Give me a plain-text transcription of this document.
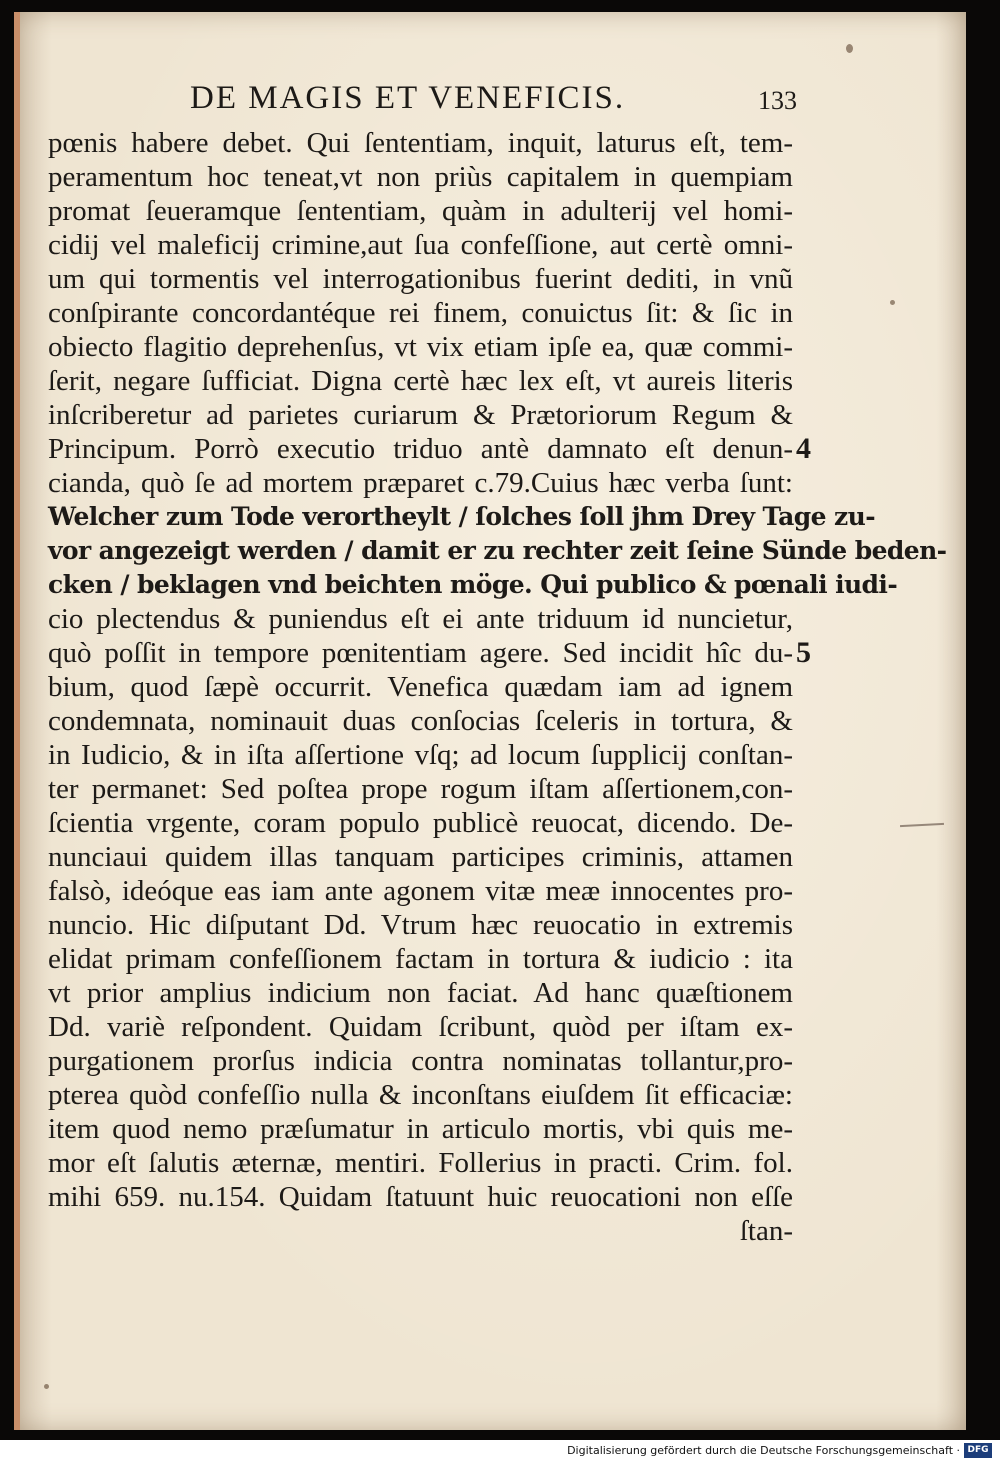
DE MAGIS ET VENEFICIS.	133
pœnis habere debet. Qui ſententiam, inquit, laturus eſt, tem-
peramentum hoc teneat,vt non priùs capitalem in quempiam
promat ſeueramque ſententiam, quàm in adulterij vel homi-
cidij vel maleficij crimine,aut ſua confeſſione, aut certè omni-
um qui tormentis vel interrogationibus fuerint dediti, in vnũ
conſpirante concordantéque rei finem, conuictus ſit: & ſic in
obiecto flagitio deprehenſus, vt vix etiam ipſe ea, quæ commi-
ſerit, negare ſufficiat. Digna certè hæc lex eſt, vt aureis literis
inſcriberetur ad parietes curiarum & Prætoriorum Regum &
Principum. Porrò executio triduo antè damnato eſt denun-
cianda, quò ſe ad mortem præparet c.79.Cuius hæc verba ſunt:
Welcher zum Tode verortheylt / ſolches ſoll jhm Drey Tage zu-
vor angezeigt werden / damit er zu rechter zeit ſeine Sünde beden-
cken / beklagen vnd beichten möge. Qui publico & pœnali iudi-
cio plectendus & puniendus eſt ei ante triduum id nuncietur,
quò poſſit in tempore pœnitentiam agere. Sed incidit hîc du-
bium, quod ſæpè occurrit. Venefica quædam iam ad ignem
condemnata, nominauit duas conſocias ſceleris in tortura, &
in Iudicio, & in iſta aſſertione vſq; ad locum ſupplicij conſtan-
ter permanet: Sed poſtea prope rogum iſtam aſſertionem,con-
ſcientia vrgente, coram populo publicè reuocat, dicendo. De-
nunciaui quidem illas tanquam participes criminis, attamen
falsò, ideóque eas iam ante agonem vitæ meæ innocentes pro-
nuncio. Hic diſputant Dd. Vtrum hæc reuocatio in extremis
elidat primam confeſſionem factam in tortura & iudicio : ita
vt prior amplius indicium non faciat. Ad hanc quæſtionem
Dd. variè reſpondent. Quidam ſcribunt, quòd per iſtam ex-
purgationem prorſus indicia contra nominatas tollantur,pro-
pterea quòd confeſſio nulla & inconſtans eiuſdem ſit efficaciæ:
item quod nemo præſumatur in articulo mortis, vbi quis me-
mor eſt ſalutis æternæ, mentiri. Follerius in practi. Crim. fol.
mihi 659. nu.154. Quidam ſtatuunt huic reuocationi non eſſe
ſtan-
4
5
Digitalisierung gefördert durch die Deutsche Forschungsgemeinschaft · DFG
